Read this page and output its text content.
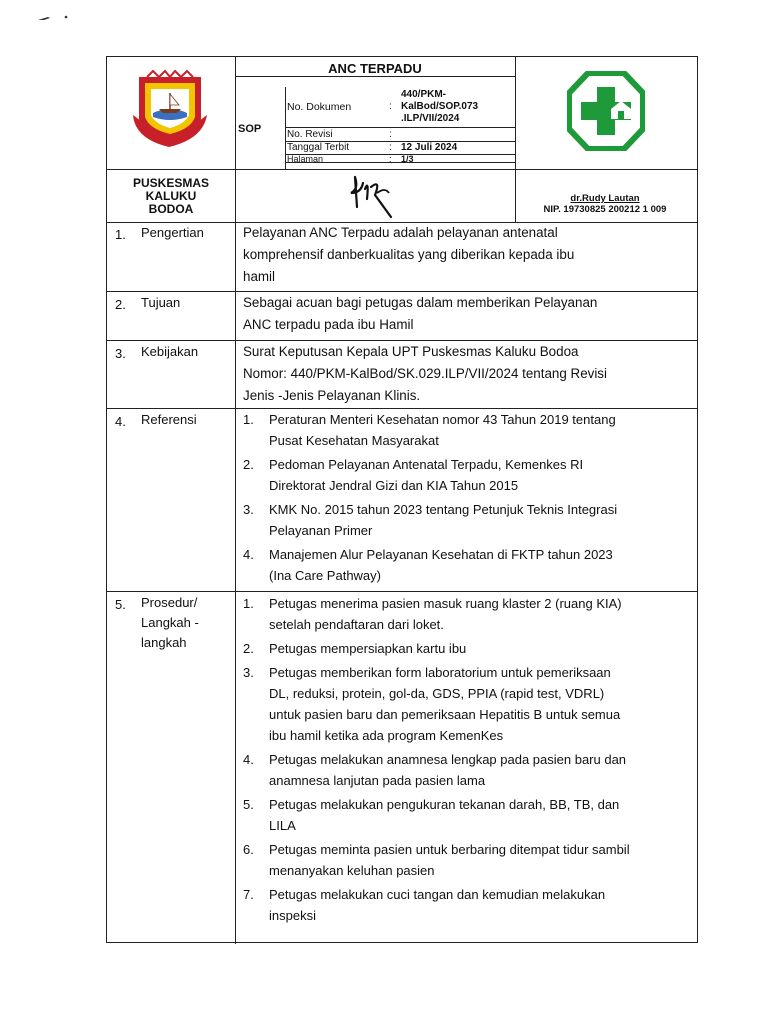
ANC TERPADU
SOP
No. Dokumen	:
440/PKM-
KalBod/SOP.073
.ILP/VII/2024
No. Revisi	:
Tanggal Terbit	: 12 Juli 2024
Halaman	: 1/3
PUSKESMAS
KALUKU
BODOA
dr.Rudy Lautan
NIP. 19730825 200212 1 009
1. Pengertian	Pelayanan ANC Terpadu adalah pelayanan antenatal

komprehensif danberkualitas yang diberikan kepada ibu

hamil

2. Tujuan	Sebagai acuan bagi petugas dalam memberikan Pelayanan

ANC terpadu pada ibu Hamil

3. Kebijakan	Surat Keputusan Kepala UPT Puskesmas Kaluku Bodoa

Nomor: 440/PKM-KalBod/SK.029.ILP/VII/2024 tentang Revisi

Jenis -Jenis Pelayanan Klinis.

4. Referensi	1.	Peraturan Menteri Kesehatan nomor 43 Tahun 2019 tentang
Pusat Kesehatan Masyarakat
2.	Pedoman Pelayanan Antenatal Terpadu, Kemenkes RI
Direktorat Jendral Gizi dan KIA Tahun 2015
3.	KMK No. 2015 tahun 2023 tentang Petunjuk Teknis Integrasi
Pelayanan Primer
4.	Manajemen Alur Pelayanan Kesehatan di FKTP tahun 2023
(Ina Care Pathway)
5. Prosedur/
Langkah -
langkah
1.	Petugas menerima pasien masuk ruang klaster 2 (ruang KIA)
setelah pendaftaran dari loket.
2.	Petugas mempersiapkan kartu ibu
3.	Petugas memberikan form laboratorium untuk pemeriksaan
DL, reduksi, protein, gol-da, GDS, PPIA (rapid test, VDRL)
untuk pasien baru dan pemeriksaan Hepatitis B untuk semua
ibu hamil ketika ada program KemenKes
4.	Petugas melakukan anamnesa lengkap pada pasien baru dan
anamnesa lanjutan pada pasien lama
5.	Petugas melakukan pengukuran tekanan darah, BB, TB, dan
LILA
6.	Petugas meminta pasien untuk berbaring ditempat tidur sambil
menanyakan keluhan pasien
7.	Petugas melakukan cuci tangan dan kemudian melakukan
inspeksi
